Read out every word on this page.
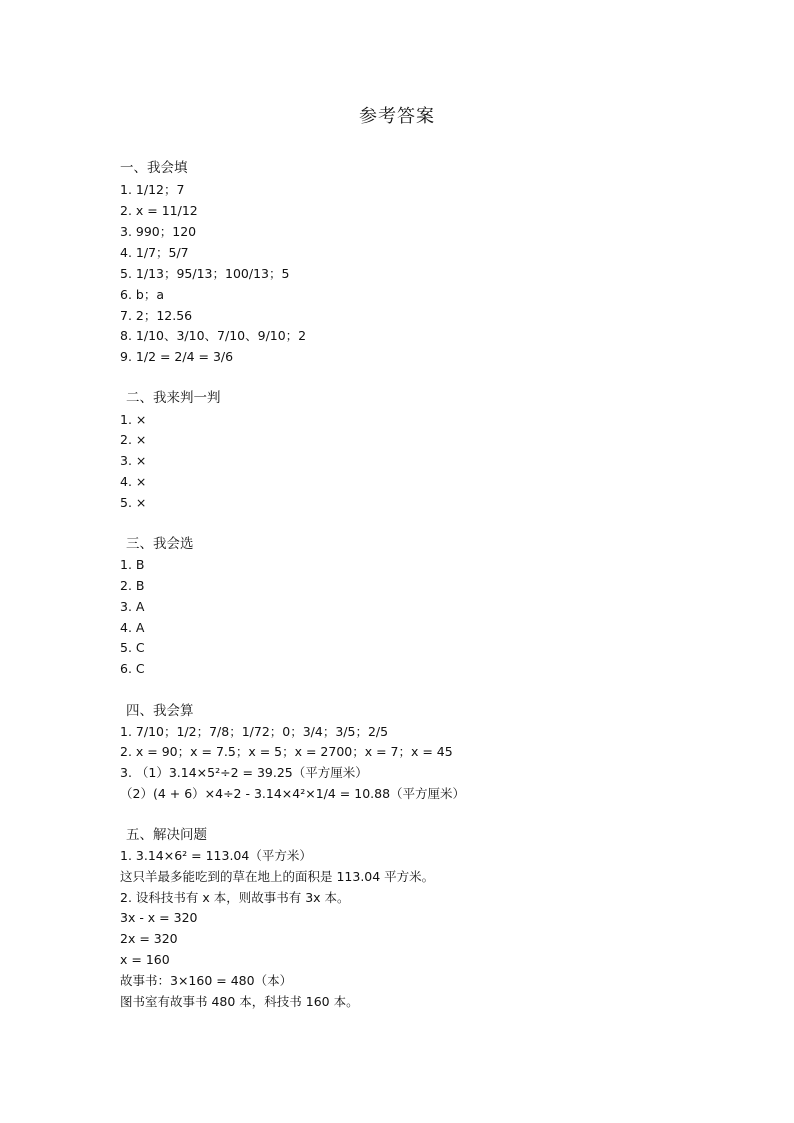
参考答案
一、我会填
1. 1/12；7
2. x = 11/12
3. 990；120
4. 1/7；5/7
5. 1/13；95/13；100/13；5
6. b；a
7. 2；12.56
8. 1/10、3/10、7/10、9/10；2
9. 1/2 = 2/4 = 3/6
二、我来判一判
1. ×
2. ×
3. ×
4. ×
5. ×
三、我会选
1. B
2. B
3. A
4. A
5. C
6. C
四、我会算
1. 7/10；1/2；7/8；1/72；0；3/4；3/5；2/5
2. x = 90；x = 7.5；x = 5；x = 2700；x = 7；x = 45
3. （1）3.14×5²÷2 = 39.25（平方厘米）
（2）(4 + 6）×4÷2 - 3.14×4²×1/4 = 10.88（平方厘米）
五、解决问题
1. 3.14×6² = 113.04（平方米）
这只羊最多能吃到的草在地上的面积是 113.04 平方米。
2. 设科技书有 x 本，则故事书有 3x 本。
3x - x = 320
2x = 320
x = 160
故事书：3×160 = 480（本）
图书室有故事书 480 本，科技书 160 本。
